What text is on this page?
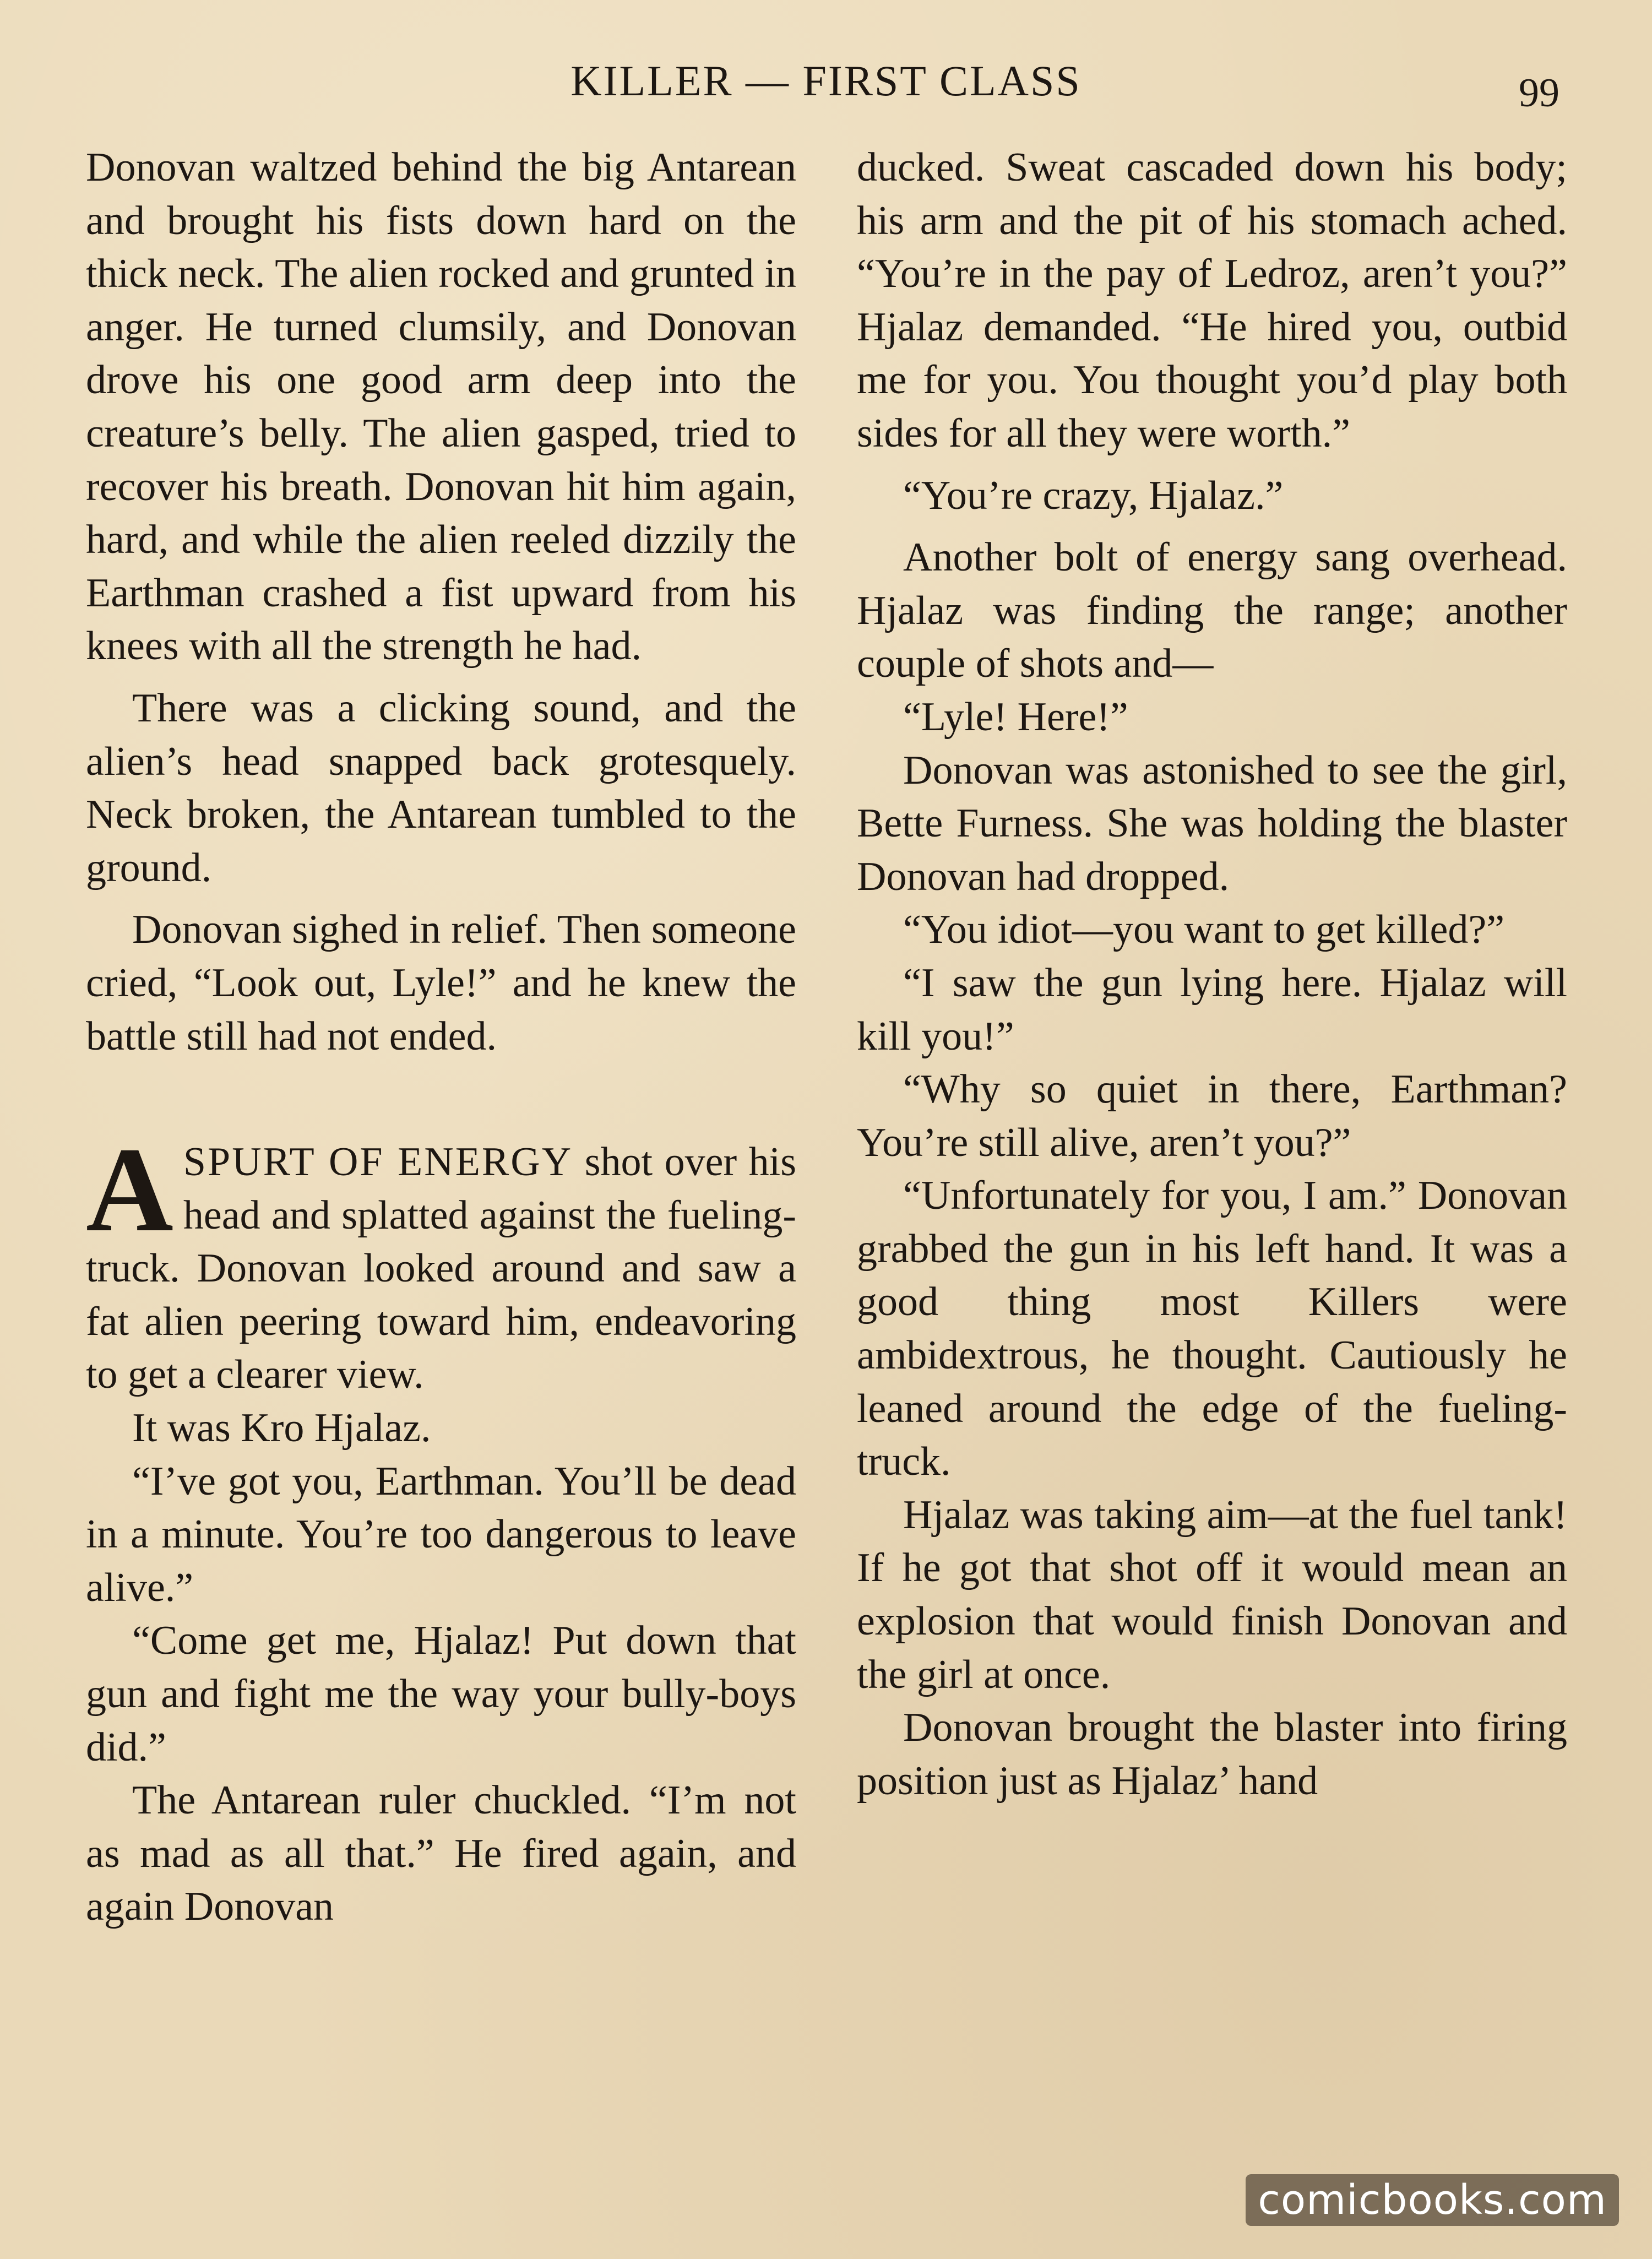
KILLER — FIRST CLASS	99

Donovan waltzed behind the big Antarean and brought his fists down hard on the thick neck. The alien rocked and grunted in anger. He turned clumsily, and Donovan drove his one good arm deep into the creature’s belly. The alien gasped, tried to recover his breath. Donovan hit him again, hard, and while the alien reeled dizzily the Earthman crashed a fist upward from his knees with all the strength he had.

There was a clicking sound, and the alien’s head snapped back grotesquely. Neck broken, the Antarean tumbled to the ground.

Donovan sighed in relief. Then someone cried, “Look out, Lyle!” and he knew the battle still had not ended.

ASPURT OF ENERGY shot over his head and splatted against the fueling-truck. Donovan looked around and saw a fat alien peering toward him, endeavoring to get a clearer view.

It was Kro Hjalaz.

“I’ve got you, Earthman. You’ll be dead in a minute. You’re too dangerous to leave alive.”

“Come get me, Hjalaz! Put down that gun and fight me the way your bully-boys did.”

The Antarean ruler chuckled. “I’m not as mad as all that.” He fired again, and again Donovan

ducked. Sweat cascaded down his body; his arm and the pit of his stomach ached. “You’re in the pay of Ledroz, aren’t you?” Hjalaz demanded. “He hired you, outbid me for you. You thought you’d play both sides for all they were worth.”

“You’re crazy, Hjalaz.”

Another bolt of energy sang overhead. Hjalaz was finding the range; another couple of shots and—

“Lyle! Here!”

Donovan was astonished to see the girl, Bette Furness. She was holding the blaster Donovan had dropped.

“You idiot—you want to get killed?”

“I saw the gun lying here. Hjalaz will kill you!”

“Why so quiet in there, Earthman? You’re still alive, aren’t you?”

“Unfortunately for you, I am.” Donovan grabbed the gun in his left hand. It was a good thing most Killers were ambidextrous, he thought. Cautiously he leaned around the edge of the fueling-truck.

Hjalaz was taking aim—at the fuel tank! If he got that shot off it would mean an explosion that would finish Donovan and the girl at once.

Donovan brought the blaster into firing position just as Hjalaz’ hand

comicbooks.com
